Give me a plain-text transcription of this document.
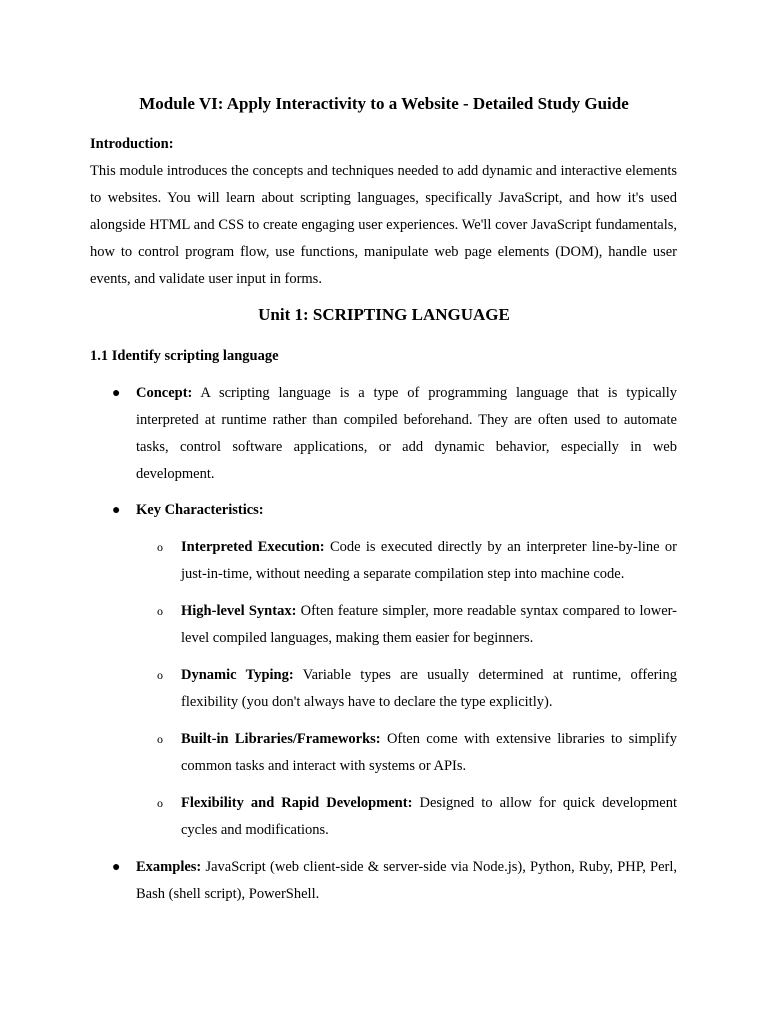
Module VI: Apply Interactivity to a Website - Detailed Study Guide
Introduction:

This module introduces the concepts and techniques needed to add dynamic and interactive elements to websites. You will learn about scripting languages, specifically JavaScript, and how it's used alongside HTML and CSS to create engaging user experiences. We'll cover JavaScript fundamentals, how to control program flow, use functions, manipulate web page elements (DOM), handle user events, and validate user input in forms.

Unit 1: SCRIPTING LANGUAGE
1.1 Identify scripting language
● Concept: A scripting language is a type of programming language that is typically interpreted at runtime rather than compiled beforehand. They are often used to automate tasks, control software applications, or add dynamic behavior, especially in web development.
● Key Characteristics:
o Interpreted Execution: Code is executed directly by an interpreter line-by-line or just-in-time, without needing a separate compilation step into machine code.
o High-level Syntax: Often feature simpler, more readable syntax compared to lower-level compiled languages, making them easier for beginners.
o Dynamic Typing: Variable types are usually determined at runtime, offering flexibility (you don't always have to declare the type explicitly).
o Built-in Libraries/Frameworks: Often come with extensive libraries to simplify common tasks and interact with systems or APIs.
o Flexibility and Rapid Development: Designed to allow for quick development cycles and modifications.
● Examples: JavaScript (web client-side & server-side via Node.js), Python, Ruby, PHP, Perl, Bash (shell script), PowerShell.
